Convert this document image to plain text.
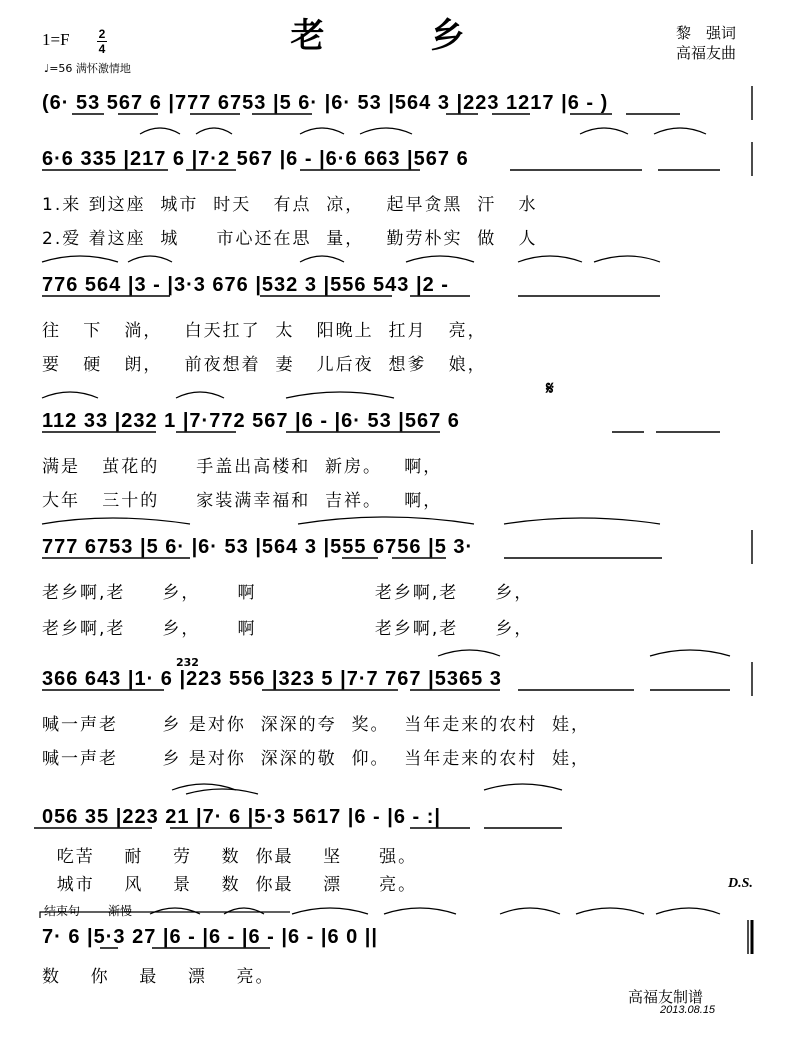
老　乡
1=F 2
4
♩=56 满怀激情地
黎　强词
高福友曲
(6· 53 567 6 |777 6753 |5 6· |6· 53 |564 3 |223 1217 |6 - )
6·6 335 |217 6 |7·2 567 |6 - |6·6 663 |567 6
1.来 到这座  城市  时天   有点  凉，   起早贪黑  汗   水
2.爱 着这座  城     市心还在思  量，   勤劳朴实  做   人
776 564 |3 - |3·3 676 |532 3 |556 543 |2 -
往   下   淌，   白天扛了  太   阳晚上  扛月   亮，
要   硬   朗，   前夜想着  妻   儿后夜  想爹   娘，
𝄋
112 33 |232 1 |7·772 567 |6 - |6· 53 |567 6
满是   茧花的     手盖出高楼和  新房。   啊，
大年   三十的     家装满幸福和  吉祥。   啊，
777 6753 |5 6· |6· 53 |564 3 |555 6756 |5 3·
老乡啊,老     乡，     啊                老乡啊,老     乡，
老乡啊,老     乡，     啊                老乡啊,老     乡，
232
366 643 |1· 6 |223 556 |323 5 |7·7 767 |5365 3
喊一声老      乡 是对你  深深的夸  奖。  当年走来的农村  娃，
喊一声老      乡 是对你  深深的敬  仰。  当年走来的农村  娃，
056 35 |223 21 |7· 6 |5·3 5617 |6 - |6 - :|
吃苦    耐    劳    数  你最    坚     强。
城市    风    景    数  你最    漂     亮。	D.S.
结束句 渐慢
7· 6 |5·3 27 |6 - |6 - |6 - |6 - |6 0 ||
数    你    最    漂    亮。
高福友制谱
2013.08.15
